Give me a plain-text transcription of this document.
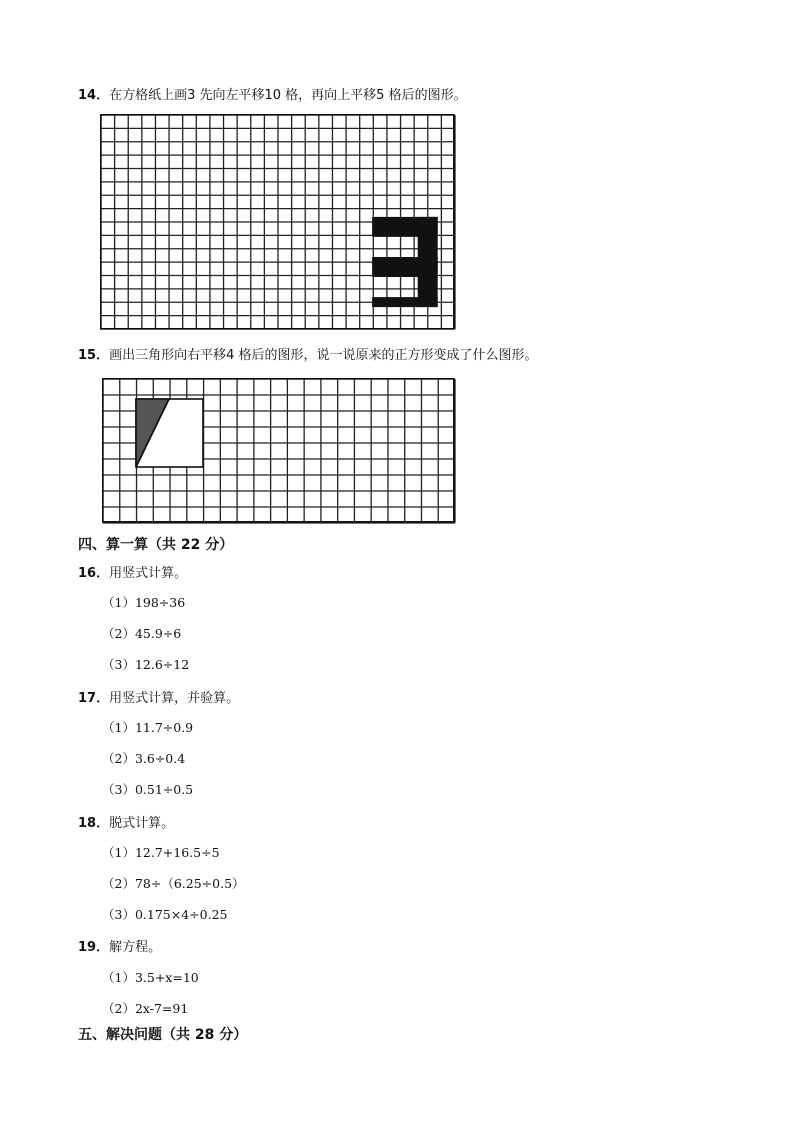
14．在方格纸上画3 先向左平移10 格，再向上平移5 格后的图形。
15．画出三角形向右平移4 格后的图形，说一说原来的正方形变成了什么图形。
四、算一算（共 22 分）
16．用竖式计算。
（1）198÷36
（2）45.9÷6
（3）12.6÷12
17．用竖式计算，并验算。
（1）11.7÷0.9
（2）3.6÷0.4
（3）0.51÷0.5
18．脱式计算。
（1）12.7+16.5÷5
（2）78÷（6.25÷0.5）
（3）0.175×4÷0.25
19．解方程。
（1）3.5+x=10
（2）2x-7=91
五、解决问题（共 28 分）
